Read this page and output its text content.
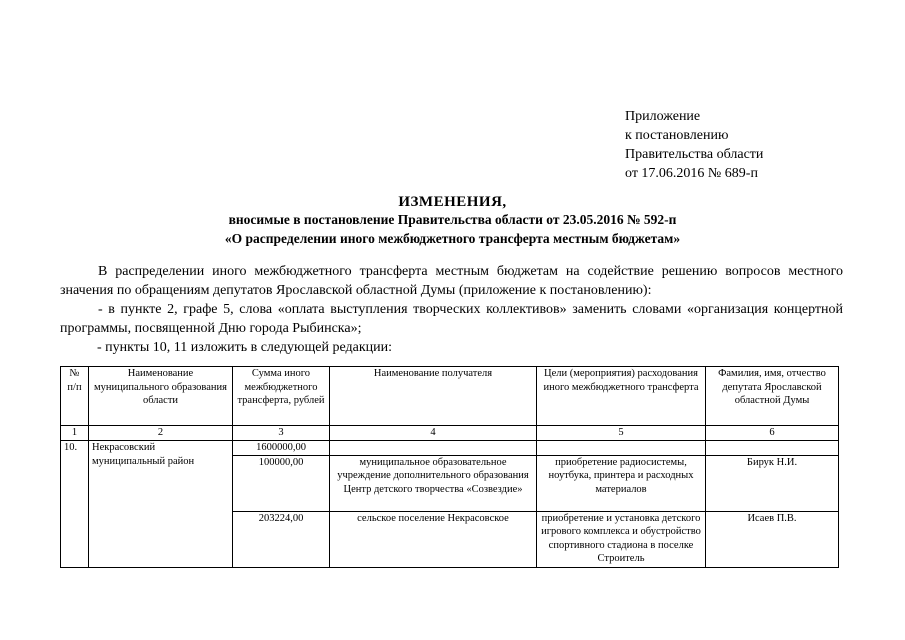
Приложение
к постановлению
Правительства области
от 17.06.2016 № 689-п
ИЗМЕНЕНИЯ,
вносимые в постановление Правительства области от 23.05.2016 № 592-п
«О распределении иного межбюджетного трансферта местным бюджетам»

В распределении иного межбюджетного трансферта местным бюджетам на содействие решению вопросов местного значения по обращениям депутатов Ярославской областной Думы (приложение к постановлению):

- в пункте 2, графе 5, слова «оплата выступления творческих коллективов» заменить словами «организация концертной программы, посвященной Дню города Рыбинска»;

- пункты 10, 11 изложить в следующей редакции:

№ п/п	Наименование муниципального образования области	Сумма иного межбюджетного трансферта, рублей	Наименование получателя	Цели (мероприятия) расходования иного межбюджетного трансферта	Фамилия, имя, отчество депутата Ярославской областной Думы
1	2	3	4	5	6
10.	Некрасовский муниципальный район	1600000,00			
		100000,00	муниципальное образовательное учреждение дополнительного образования Центр детского творчества «Созвездие»	приобретение радиосистемы, ноутбука, принтера и расходных материалов	Бирук Н.И.
		203224,00	сельское поселение Некрасовское	приобретение и установка детского игрового комплекса и обустройство спортивного стадиона в поселке Строитель	Исаев П.В.
